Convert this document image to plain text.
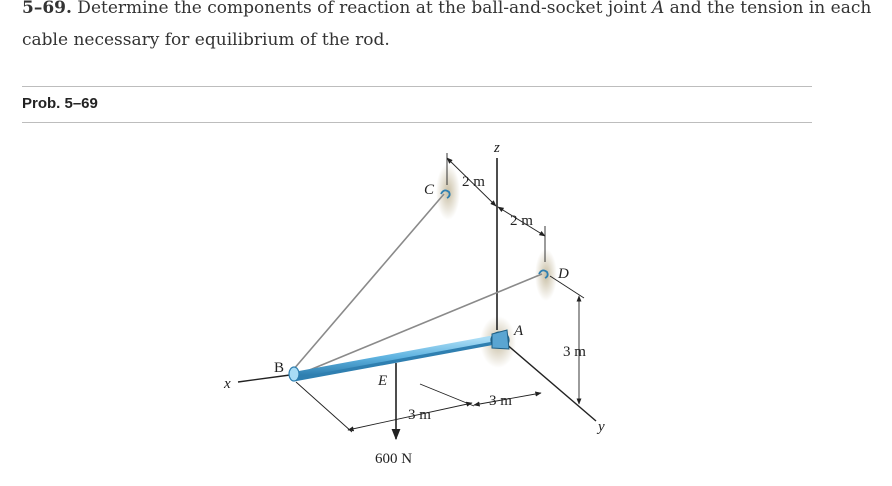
5–69. Determine the components of reaction at the ball-and-socket joint A and the tension in each
cable necessary for equilibrium of the rod.

Prob. 5–69
z
x
y
A
B
C
D
E
2 m
2 m
3 m
3 m
3 m
600 N
